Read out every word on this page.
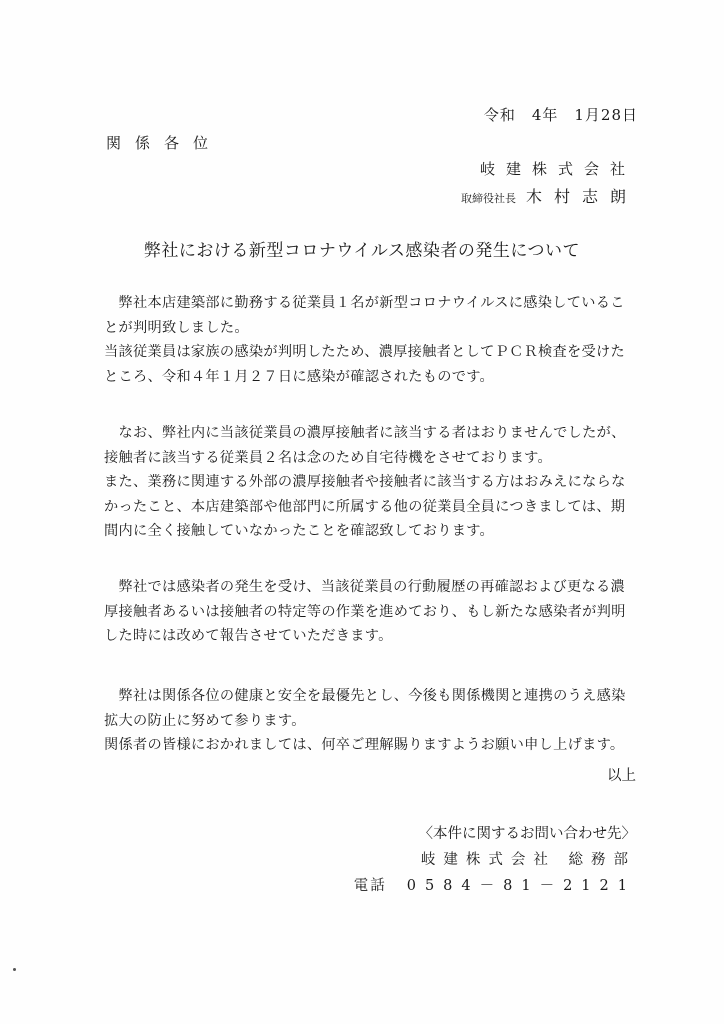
令和　4年　1月28日
関係各位
岐建株式会社
取締役社長 木村志朗
弊社における新型コロナウイルス感染者の発生について
　弊社本店建築部に勤務する従業員１名が新型コロナウイルスに感染しているこ
とが判明致しました。
当該従業員は家族の感染が判明したため、濃厚接触者としてＰＣＲ検査を受けた
ところ、令和４年１月２７日に感染が確認されたものです。
　なお、弊社内に当該従業員の濃厚接触者に該当する者はおりませんでしたが、
接触者に該当する従業員２名は念のため自宅待機をさせております。
また、業務に関連する外部の濃厚接触者や接触者に該当する方はおみえにならな
かったこと、本店建築部や他部門に所属する他の従業員全員につきましては、期
間内に全く接触していなかったことを確認致しております。
　弊社では感染者の発生を受け、当該従業員の行動履歴の再確認および更なる濃
厚接触者あるいは接触者の特定等の作業を進めており、もし新たな感染者が判明
した時には改めて報告させていただきます。
　弊社は関係各位の健康と安全を最優先とし、今後も関係機関と連携のうえ感染
拡大の防止に努めて参ります。
関係者の皆様におかれましては、何卒ご理解賜りますようお願い申し上げます。
以上
〈本件に関するお問い合わせ先〉
岐建株式会社 総務部
電話 0584－81－2121
